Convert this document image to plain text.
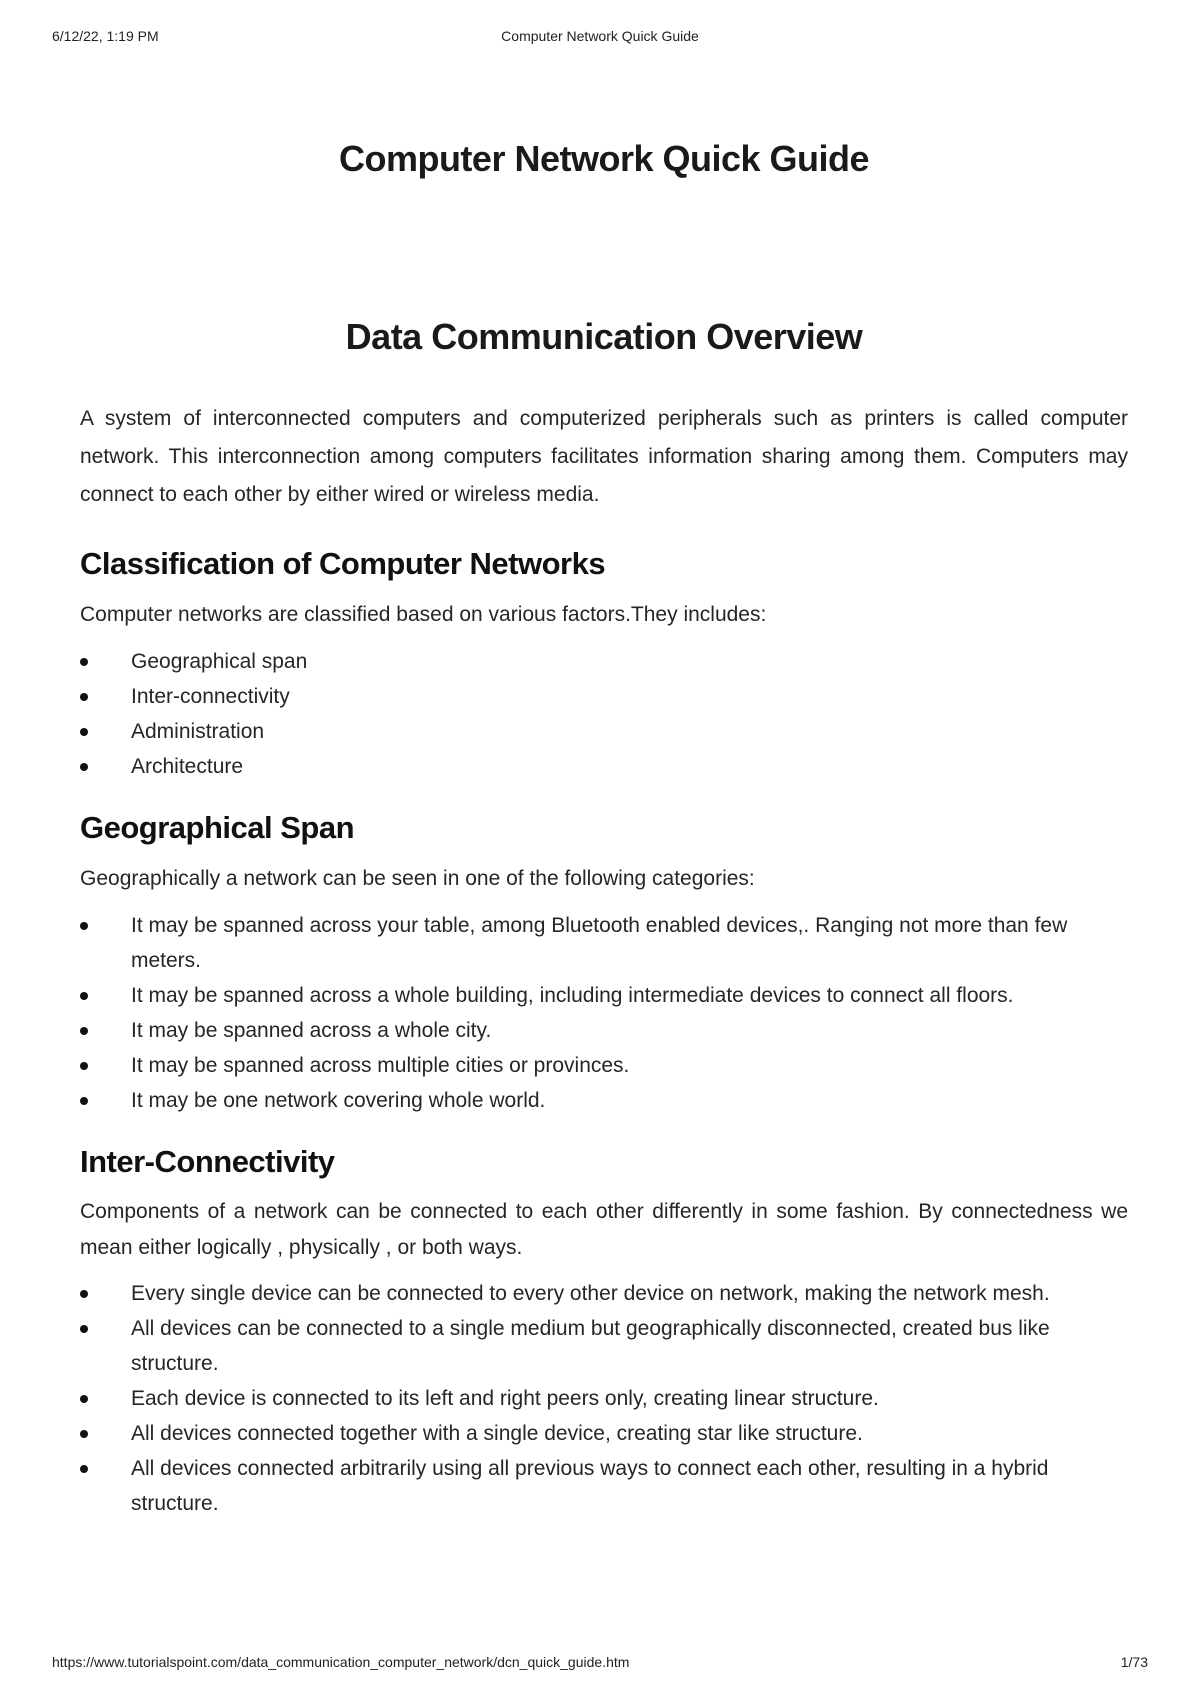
6/12/22, 1:19 PM	Computer Network Quick Guide
Computer Network Quick Guide
Data Communication Overview

A system of interconnected computers and computerized peripherals such as printers is called computer network. This interconnection among computers facilitates information sharing among them. Computers may connect to each other by either wired or wireless media.

Classification of Computer Networks

Computer networks are classified based on various factors.They includes:

Geographical span
Inter-connectivity
Administration
Architecture
Geographical Span

Geographically a network can be seen in one of the following categories:

It may be spanned across your table, among Bluetooth enabled devices,. Ranging not more than few meters.
It may be spanned across a whole building, including intermediate devices to connect all floors.
It may be spanned across a whole city.
It may be spanned across multiple cities or provinces.
It may be one network covering whole world.
Inter-Connectivity

Components of a network can be connected to each other differently in some fashion. By connectedness we mean either logically , physically , or both ways.

Every single device can be connected to every other device on network, making the network mesh.
All devices can be connected to a single medium but geographically disconnected, created bus like structure.
Each device is connected to its left and right peers only, creating linear structure.
All devices connected together with a single device, creating star like structure.
All devices connected arbitrarily using all previous ways to connect each other, resulting in a hybrid structure.
https://www.tutorialspoint.com/data_communication_computer_network/dcn_quick_guide.htm	1/73
